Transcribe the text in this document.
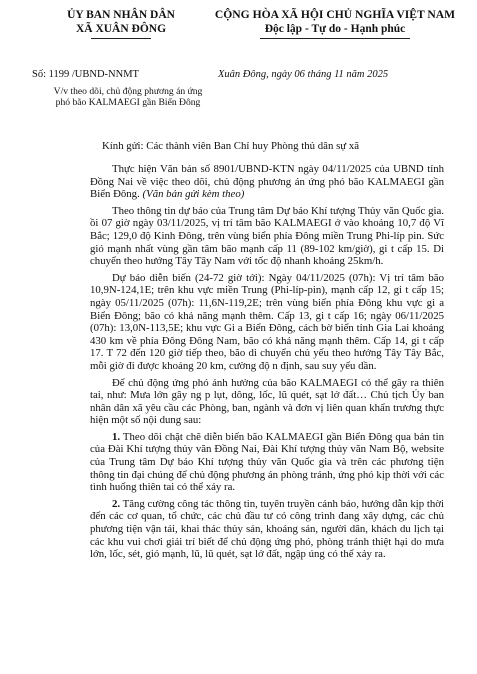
ỦY BAN NHÂN DÂN
XÃ XUÂN ĐÔNG
CỘNG HÒA XÃ HỘI CHỦ NGHĨA VIỆT NAM
Độc lập - Tự do - Hạnh phúc
Số: 1199 /UBND-NNMT	Xuân Đông, ngày 06 tháng 11 năm 2025
V/v theo dõi, chủ động phương án ứng phó bão KALMAEGI gần Biển Đông
Kính gửi: Các thành viên Ban Chỉ huy Phòng thủ dân sự xã

Thực hiện Văn bản số 8901/UBND-KTN ngày 04/11/2025 của UBND tỉnh Đồng Nai về việc theo dõi, chủ động phương án ứng phó bão KALMAEGI gần Biển Đông. (Văn bản gửi kèm theo)

Theo thông tin dự báo của Trung tâm Dự báo Khí tượng Thủy văn Quốc gia. ồi 07 giờ ngày 03/11/2025, vị trí tâm bão KALMAEGI ở vào khoảng 10,7 độ Vĩ Bắc; 129,0 độ Kinh Đông, trên vùng biển phía Đông miền Trung Phi-líp pin. Sức gió mạnh nhất vùng gần tâm bão mạnh cấp 11 (89-102 km/giờ), gi t cấp 15. Di chuyển theo hướng Tây Tây Nam với tốc độ nhanh khoảng 25km/h.

Dự báo diễn biến (24-72 giờ tới): Ngày 04/11/2025 (07h): Vị trí tâm bão 10,9N-124,1E; trên khu vực miền Trung (Phi-líp-pin), mạnh cấp 12, gi t cấp 15; ngày 05/11/2025 (07h): 11,6N-119,2E; trên vùng biển phía Đông khu vực gi a Biển Đông; bão có khả năng mạnh thêm. Cấp 13, gi t cấp 16; ngày 06/11/2025 (07h): 13,0N-113,5E; khu vực Gi a Biển Đông, cách bờ biển tỉnh Gia Lai khoảng 430 km về phía Đông Đông Nam, bão có khả năng mạnh thêm. Cấp 14, gi t cấp 17. T 72 đến 120 giờ tiếp theo, bão di chuyển chủ yếu theo hướng Tây Tây Bắc, mỗi giờ đi được khoảng 20 km, cường độ n định, sau suy yếu dần.

Để chủ động ứng phó ảnh hưởng của bão KALMAEGI có thể gây ra thiên tai, như: Mưa lớn gây ng p lụt, dông, lốc, lũ quét, sạt lở đất… Chủ tịch Ủy ban nhân dân xã yêu cầu các Phòng, ban, ngành và đơn vị liên quan khẩn trương thực hiện một số nội dung sau:

1. Theo dõi chặt chẽ diễn biến bão KALMAEGI gần Biển Đông qua bản tin của Đài Khí tượng thủy văn Đồng Nai, Đài Khí tượng thủy văn Nam Bộ, website của Trung tâm Dự báo Khí tượng thủy văn Quốc gia và trên các phương tiện thông tin đại chúng để chủ động phương án phòng tránh, ứng phó kịp thời với các tình huống thiên tai có thể xảy ra.

2. Tăng cường công tác thông tin, tuyên truyền cảnh báo, hướng dẫn kịp thời đến các cơ quan, tổ chức, các chủ đầu tư có công trình đang xây dựng, các chủ phương tiện vận tải, khai thác thủy sản, khoáng sản, người dân, khách du lịch tại các khu vui chơi giải trí biết để chủ động ứng phó, phòng tránh thiệt hại do mưa lớn, lốc, sét, gió mạnh, lũ, lũ quét, sạt lở đất, ngập úng có thể xảy ra.
